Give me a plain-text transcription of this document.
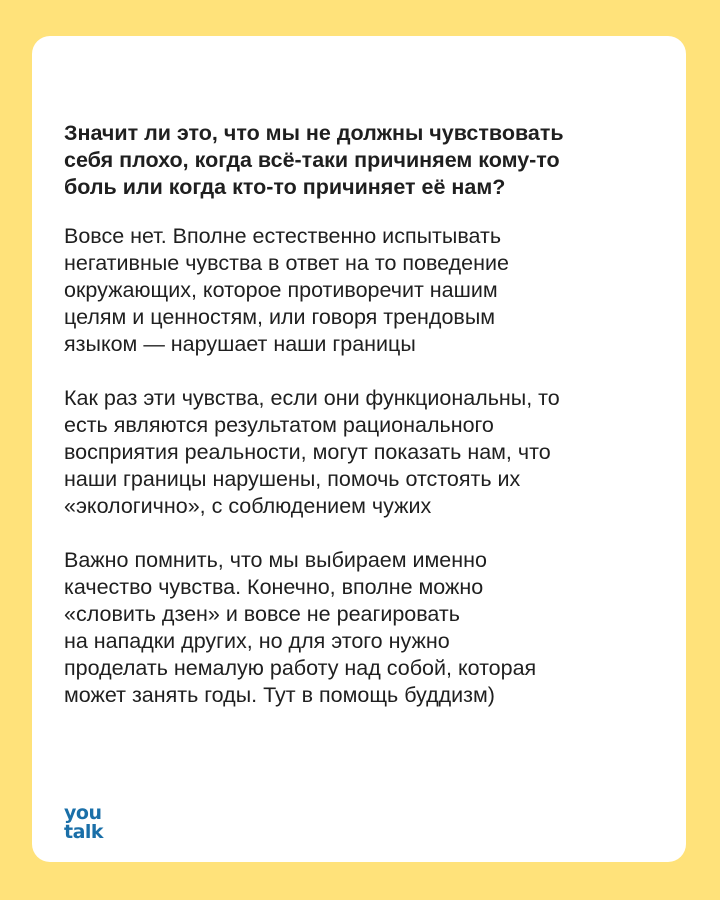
Значит ли это, что мы не должны чувствовать
себя плохо, когда всё-таки причиняем кому-то
боль или когда кто-то причиняет её нам?
Вовсе нет. Вполне естественно испытывать
негативные чувства в ответ на то поведение
окружающих, которое противоречит нашим
целям и ценностям, или говоря трендовым
языком — нарушает наши границы
Как раз эти чувства, если они функциональны, то
есть являются результатом рационального
восприятия реальности, могут показать нам, что
наши границы нарушены, помочь отстоять их
«экологично», с соблюдением чужих
Важно помнить, что мы выбираем именно
качество чувства. Конечно, вполне можно
«словить дзен» и вовсе не реагировать
на нападки других, но для этого нужно
проделать немалую работу над собой, которая
может занять годы. Тут в помощь буддизм)
you
talk
